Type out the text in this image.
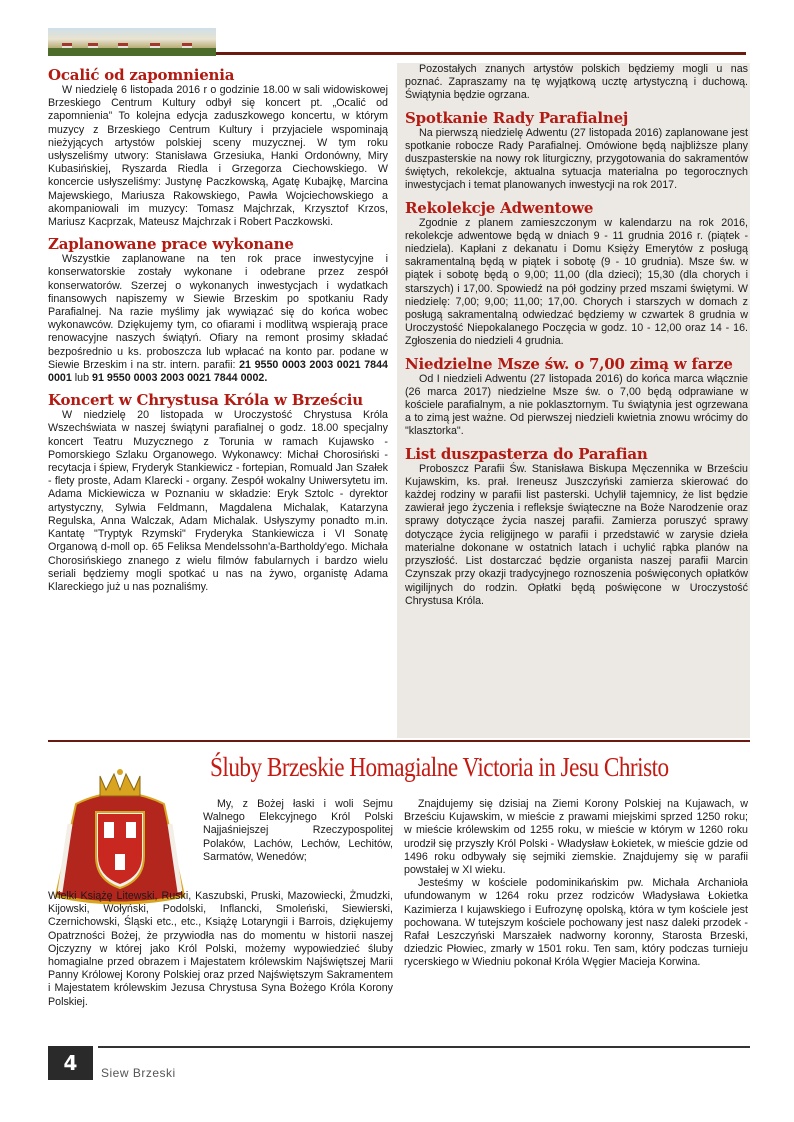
Ocalić od zapomnienia

W niedzielę 6 listopada 2016 r o godzinie 18.00 w sali widowiskowej Brzeskiego Centrum Kultury odbył się koncert pt. „Ocalić od zapomnienia” To kolejna edycja zaduszkowego koncertu, w którym muzycy z Brzeskiego Centrum Kultury i przyjaciele wspominają nieżyjących artystów polskiej sceny muzycznej. W tym roku usłyszeliśmy utwory: Stanisława Grzesiuka, Hanki Ordonówny, Miry Kubasińskiej, Ryszarda Riedla i Grzegorza Ciechowskiego. W koncercie usłyszeliśmy: Justynę Paczkowską, Agatę Kubajkę, Marcina Majewskiego, Mariusza Rakowskiego, Pawła Wojciechowskiego a akompaniowali im muzycy: Tomasz Majchrzak, Krzysztof Krzos, Mariusz Kacprzak, Mateusz Majchrzak i Robert Paczkowski.

Zaplanowane prace wykonane

Wszystkie zaplanowane na ten rok prace inwestycyjne i konserwatorskie zostały wykonane i odebrane przez zespół konserwatorów. Szerzej o wykonanych inwestycjach i wydatkach finansowych napiszemy w Siewie Brzeskim po spotkaniu Rady Parafialnej. Na razie myślimy jak wywiązać się do końca wobec wykonawców. Dziękujemy tym, co ofiarami i modlitwą wspierają prace renowacyjne naszych świątyń. Ofiary na remont prosimy składać bezpośrednio u ks. proboszcza lub wpłacać na konto par. podane w Siewie Brzeskim i na str. intern. parafii: 21 9550 0003 2003 0021 7844 0001 lub 91 9550 0003 2003 0021 7844 0002.

Koncert w Chrystusa Króla w Brześciu

W niedzielę 20 listopada w Uroczystość Chrystusa Króla Wszechświata w naszej świątyni parafialnej o godz. 18.00 specjalny koncert Teatru Muzycznego z Torunia w ramach Kujawsko - Pomorskiego Szlaku Organowego. Wykonawcy: Michał Chorosiński - recytacja i śpiew, Fryderyk Stankiewicz - fortepian, Romuald Jan Szałek - flety proste, Adam Klarecki - organy. Zespół wokalny Uniwersytetu im. Adama Mickiewicza w Poznaniu w składzie: Eryk Sztolc - dyrektor artystyczny, Sylwia Feldmann, Magdalena Michalak, Katarzyna Regulska, Anna Walczak, Adam Michalak. Usłyszymy ponadto m.in. Kantatę "Tryptyk Rzymski" Fryderyka Stankiewicza i VI Sonatę Organową d-moll op. 65 Feliksa Mendelssohn'a-Bartholdy'ego. Michała Chorosińskiego znanego z wielu filmów fabularnych i bardzo wielu seriali będziemy mogli spotkać u nas na żywo, organistę Adama Klareckiego już u nas poznaliśmy.

Pozostałych znanych artystów polskich będziemy mogli u nas poznać. Zapraszamy na tę wyjątkową ucztę artystyczną i duchową. Świątynia będzie ogrzana.

Spotkanie Rady Parafialnej

Na pierwszą niedzielę Adwentu (27 listopada 2016) zaplanowane jest spotkanie robocze Rady Parafialnej. Omówione będą najbliższe plany duszpasterskie na nowy rok liturgiczny, przygotowania do sakramentów świętych, rekolekcje, aktualna sytuacja materialna po tegorocznych inwestycjach i temat planowanych inwestycji na rok 2017.

Rekolekcje Adwentowe

Zgodnie z planem zamieszczonym w kalendarzu na rok 2016, rekolekcje adwentowe będą w dniach 9 - 11 grudnia 2016 r. (piątek - niedziela). Kapłani z dekanatu i Domu Księży Emerytów z posługą sakramentalną będą w piątek i sobotę (9 - 10 grudnia). Msze św. w piątek i sobotę będą o 9,00; 11,00 (dla dzieci); 15,30 (dla chorych i starszych) i 17,00. Spowiedź na pół godziny przed mszami świętymi. W niedzielę: 7,00; 9,00; 11,00; 17,00. Chorych i starszych w domach z posługą sakramentalną odwiedzać będziemy w czwartek 8 grudnia w Uroczystość Niepokalanego Poczęcia w godz. 10 - 12,00 oraz 14 - 16. Zgłoszenia do niedzieli 4 grudnia.

Niedzielne Msze św. o 7,00 zimą w farze

Od I niedzieli Adwentu (27 listopada 2016) do końca marca włącznie (26 marca 2017) niedzielne Msze św. o 7,00 będą odprawiane w kościele parafialnym, a nie poklasztornym. Tu świątynia jest ogrzewana a to zimą jest ważne. Od pierwszej niedzieli kwietnia znowu wrócimy do "klasztorka".

List duszpasterza do Parafian

Proboszcz Parafii Św. Stanisława Biskupa Męczennika w Brześciu Kujawskim, ks. prał. Ireneusz Juszczyński zamierza skierować do każdej rodziny w parafii list pasterski. Uchylił tajemnicy, że list będzie zawierał jego życzenia i refleksje świąteczne na Boże Narodzenie oraz sprawy dotyczące życia naszej parafii. Zamierza poruszyć sprawy dotyczące życia religijnego w parafii i przedstawić w zarysie dzieła materialne dokonane w ostatnich latach i uchylić rąbka planów na przyszłość. List dostarczać będzie organista naszej parafii Marcin Czynszak przy okazji tradycyjnego roznoszenia poświęconych opłatków wigilijnych do rodzin. Opłatki będą poświęcone w Uroczystość Chrystusa Króla.

Śluby Brzeskie Homagialne Victoria in Jesu Christo

My, z Bożej łaski i woli Sejmu Walnego Elekcyjnego Król Polski Najjaśniejszej Rzeczypospolitej Polaków, Lachów, Lechów, Lechitów, Sarmatów, Wenedów;

Wielki Książę Litewski, Ruski, Kaszubski, Pruski, Mazowiecki, Żmudzki, Kijowski, Wołyński, Podolski, Inflancki, Smoleński, Siewierski, Czernichowski, Śląski etc., etc., Książę Lotaryngii i Barrois, dziękujemy Opatrzności Bożej, że przywiodła nas do momentu w historii naszej Ojczyzny w której jako Król Polski, możemy wypowiedzieć śluby homagialne przed obrazem i Majestatem królewskim Najświętszej Marii Panny Królowej Korony Polskiej oraz przed Najświętszym Sakramentem i Majestatem królewskim Jezusa Chrystusa Syna Bożego Króla Korony Polskiej.

Znajdujemy się dzisiaj na Ziemi Korony Polskiej na Kujawach, w Brześciu Kujawskim, w mieście z prawami miejskimi sprzed 1250 roku; w mieście królewskim od 1255 roku, w mieście w którym w 1260 roku urodził się przyszły Król Polski - Władysław Łokietek, w mieście gdzie od 1496 roku odbywały się sejmiki ziemskie. Znajdujemy się w parafii powstałej w XI wieku.

Jesteśmy w kościele podominikańskim pw. Michała Archanioła ufundowanym w 1264 roku przez rodziców Władysława Łokietka Kazimierza I kujawskiego i Eufrozynę opolską, która w tym kościele jest pochowana. W tutejszym kościele pochowany jest nasz daleki przodek - Rafał Leszczyński Marszałek nadworny koronny, Starosta Brzeski, dziedzic Płowiec, zmarły w 1501 roku. Ten sam, który podczas turnieju rycerskiego w Wiedniu pokonał Króla Węgier Macieja Korwina.

4	Siew Brzeski
